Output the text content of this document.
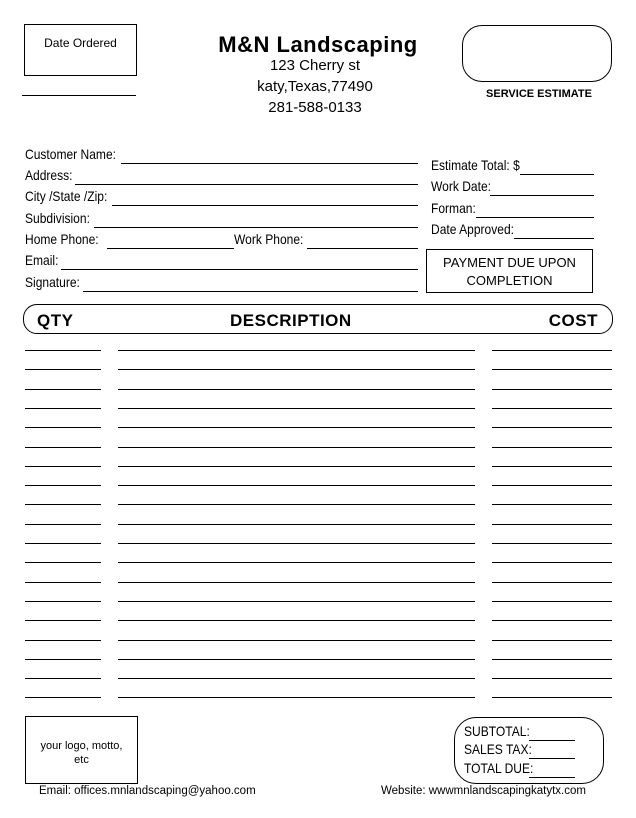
Date Ordered	M&N Landscaping
123 Cherry st
katy,Texas,77490
281-588-0133
SERVICE ESTIMATE
Customer Name:
Address:
City /State /Zip:
Subdivision:
Home Phone:	Work Phone:
Email:
Signature:
Estimate Total: $
Work Date:
Forman:
Date Approved:
PAYMENT DUE UPON
COMPLETION
QTY	DESCRIPTION	COST
your logo, motto,
etc
SUBTOTAL:
SALES TAX:
TOTAL DUE:
Email: offices.mnlandscaping@yahoo.com	Website: wwwmnlandscapingkatytx.com
